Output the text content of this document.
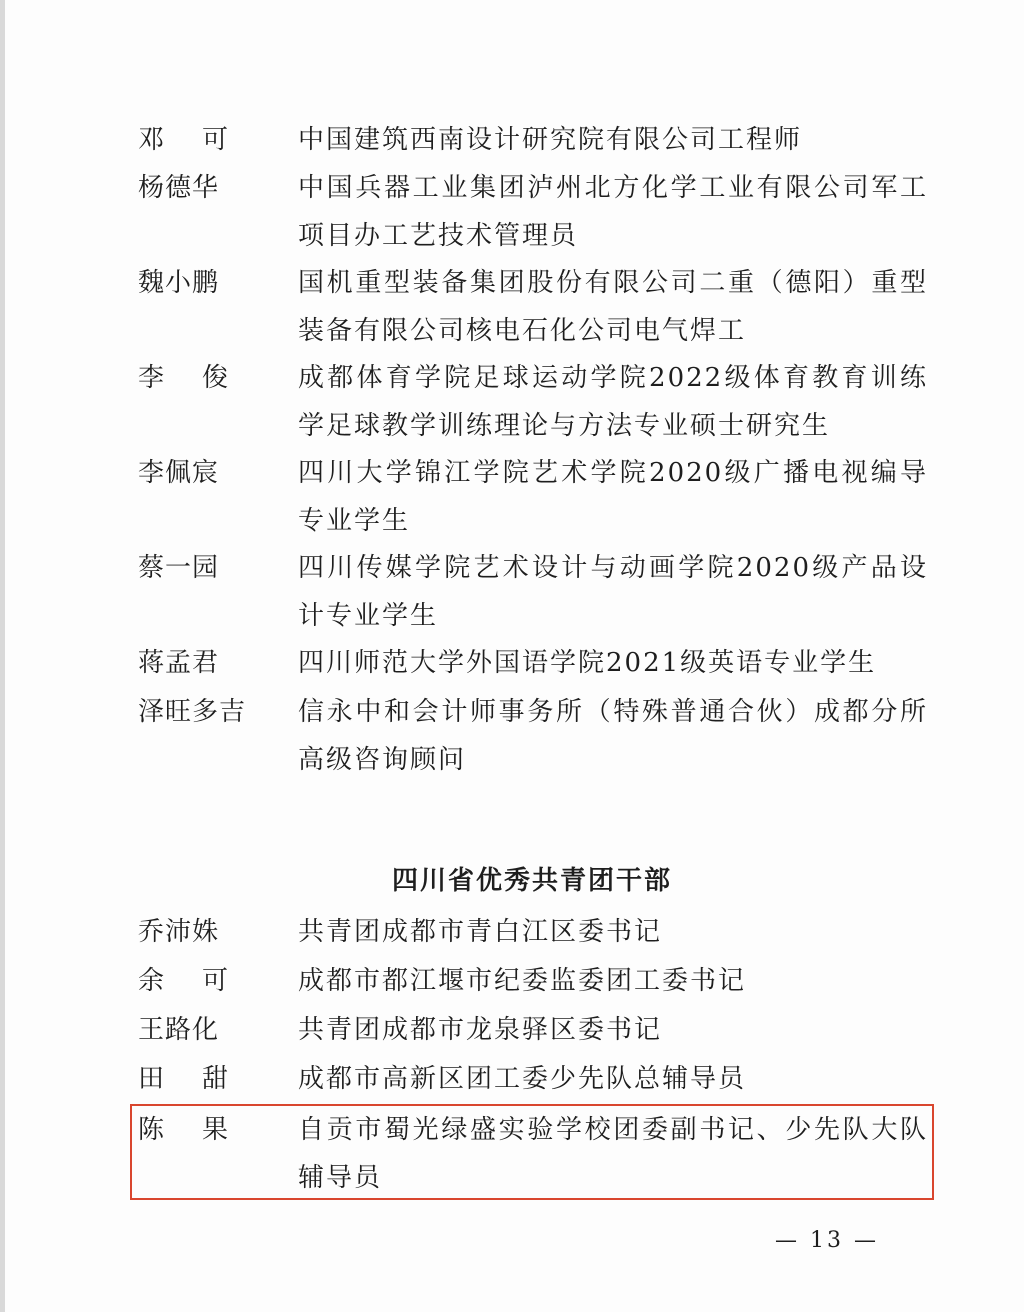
邓    可	中国建筑西南设计研究院有限公司工程师
杨德华	中国兵器工业集团泸州北方化学工业有限公司军工项目办工艺技术管理员
魏小鹏	国机重型装备集团股份有限公司二重（德阳）重型装备有限公司核电石化公司电气焊工
李    俊	成都体育学院足球运动学院2022级体育教育训练学足球教学训练理论与方法专业硕士研究生
李佩宸	四川大学锦江学院艺术学院2020级广播电视编导专业学生
蔡一园	四川传媒学院艺术设计与动画学院2020级产品设计专业学生
蒋孟君	四川师范大学外国语学院2021级英语专业学生
泽旺多吉 信永中和会计师事务所（特殊普通合伙）成都分所高级咨询顾问
四川省优秀共青团干部
乔沛姝	共青团成都市青白江区委书记
余    可	成都市都江堰市纪委监委团工委书记
王路化	共青团成都市龙泉驿区委书记
田    甜	成都市高新区团工委少先队总辅导员
陈    果	自贡市蜀光绿盛实验学校团委副书记、少先队大队辅导员
— 13 —
